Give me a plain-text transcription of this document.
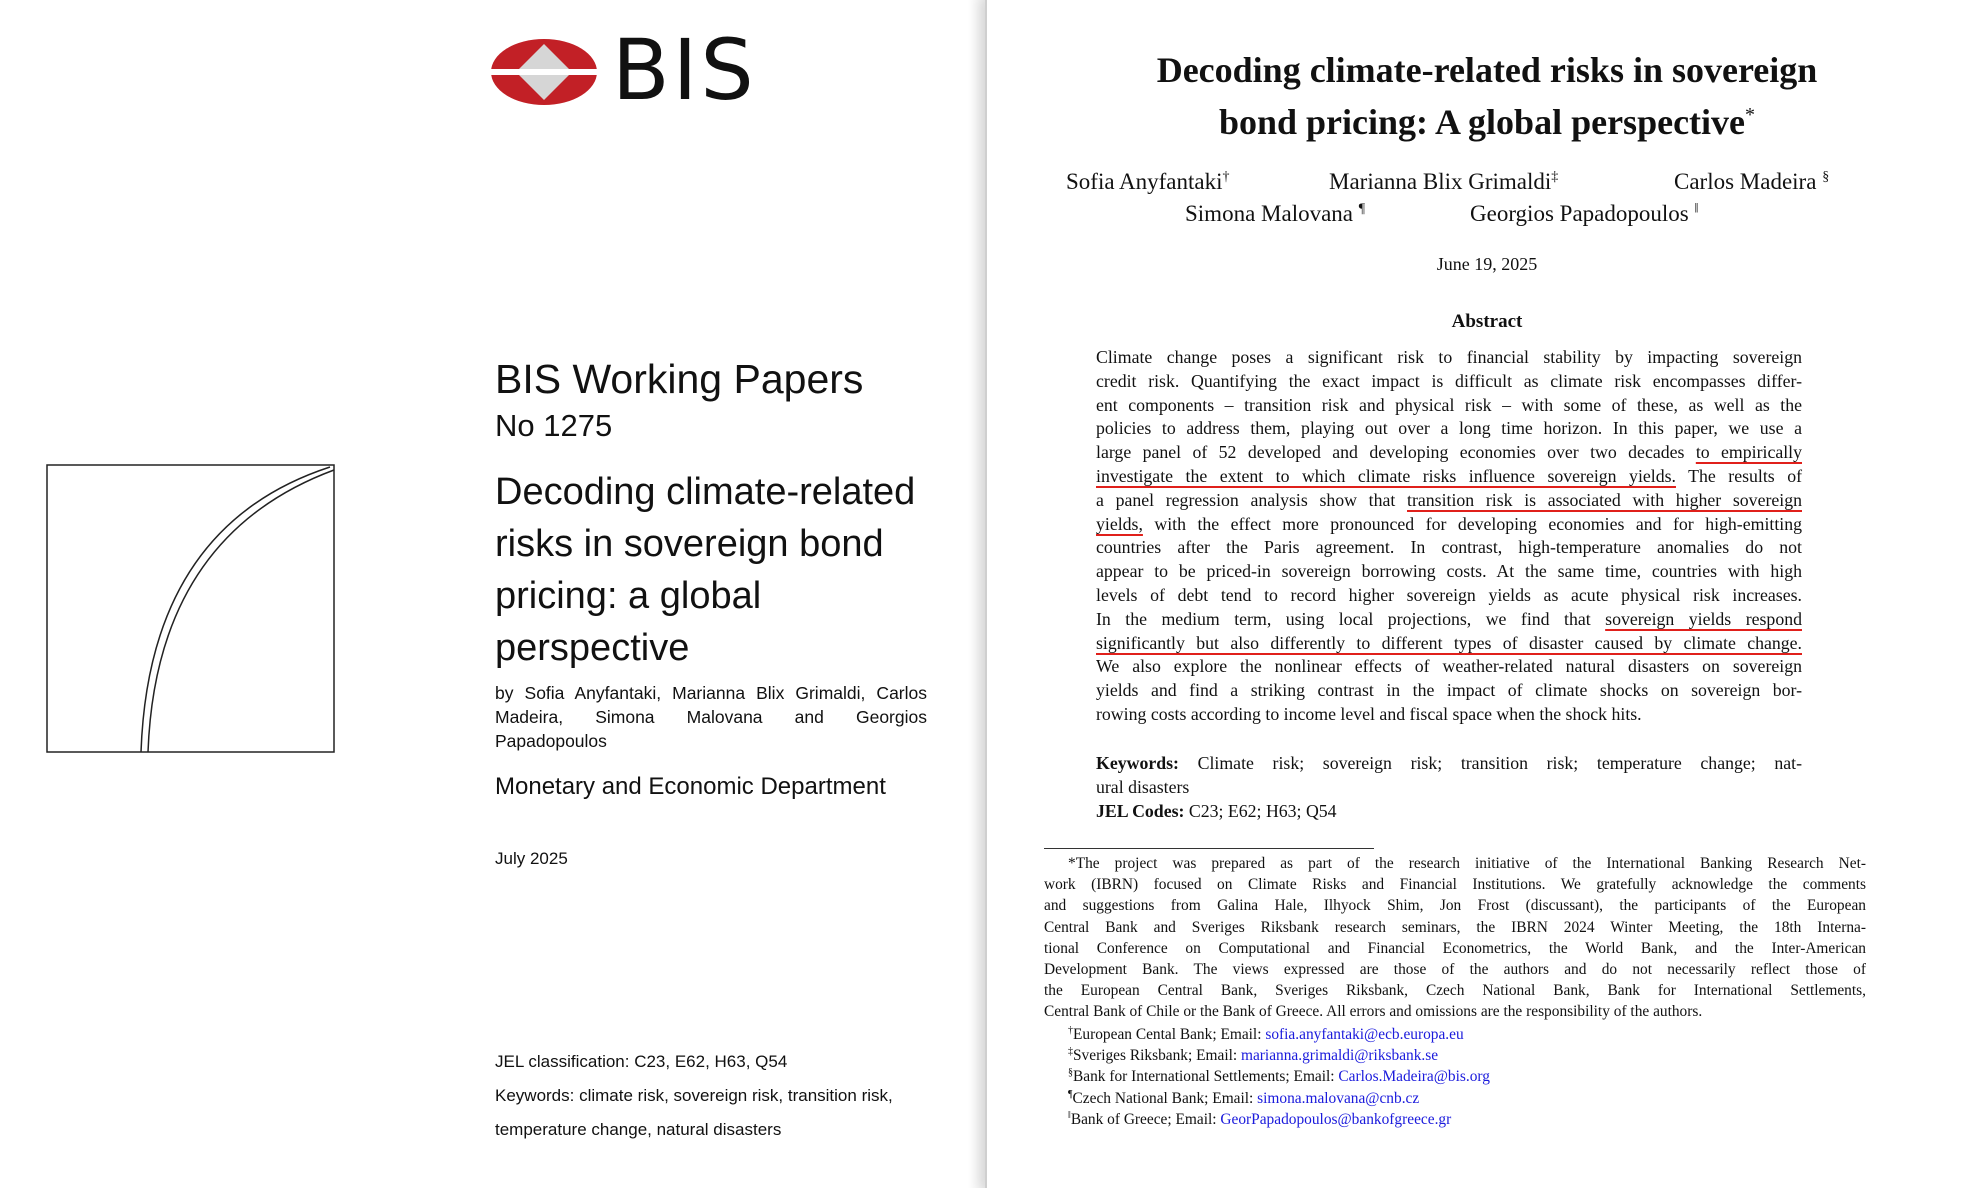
BIS
BIS Working Papers
No 1275
Decoding climate-related risks in sovereign bond pricing: a global perspective
by Sofia Anyfantaki, Marianna Blix Grimaldi, Carlos Madeira, Simona Malovana and Georgios Papadopoulos
Monetary and Economic Department
July 2025
JEL classification: C23, E62, H63, Q54
Keywords: climate risk, sovereign risk, transition risk,
temperature change, natural disasters
Decoding climate-related risks in sovereign
bond pricing: A global perspective*
Sofia Anyfantaki†	Marianna Blix Grimaldi‡	Carlos Madeira §
Simona Malovana ¶	Georgios Papadopoulos ‖
June 19, 2025
Abstract
Climate change poses a significant risk to financial stability by impacting sovereign
credit risk. Quantifying the exact impact is difficult as climate risk encompasses differ-
ent components – transition risk and physical risk – with some of these, as well as the
policies to address them, playing out over a long time horizon. In this paper, we use a
large panel of 52 developed and developing economies over two decades to empirically
investigate the extent to which climate risks influence sovereign yields. The results of
a panel regression analysis show that transition risk is associated with higher sovereign
yields, with the effect more pronounced for developing economies and for high-emitting
countries after the Paris agreement. In contrast, high-temperature anomalies do not
appear to be priced-in sovereign borrowing costs. At the same time, countries with high
levels of debt tend to record higher sovereign yields as acute physical risk increases.
In the medium term, using local projections, we find that sovereign yields respond
significantly but also differently to different types of disaster caused by climate change.
We also explore the nonlinear effects of weather-related natural disasters on sovereign
yields and find a striking contrast in the impact of climate shocks on sovereign bor-
rowing costs according to income level and fiscal space when the shock hits.
Keywords: Climate risk; sovereign risk; transition risk; temperature change; nat-
ural disasters
JEL Codes: C23; E62; H63; Q54
*The project was prepared as part of the research initiative of the International Banking Research Net-
work (IBRN) focused on Climate Risks and Financial Institutions. We gratefully acknowledge the comments
and suggestions from Galina Hale, Ilhyock Shim, Jon Frost (discussant), the participants of the European
Central Bank and Sveriges Riksbank research seminars, the IBRN 2024 Winter Meeting, the 18th Interna-
tional Conference on Computational and Financial Econometrics, the World Bank, and the Inter-American
Development Bank. The views expressed are those of the authors and do not necessarily reflect those of
the European Central Bank, Sveriges Riksbank, Czech National Bank, Bank for International Settlements,
Central Bank of Chile or the Bank of Greece. All errors and omissions are the responsibility of the authors.
†European Cental Bank; Email: sofia.anyfantaki@ecb.europa.eu
‡Sveriges Riksbank; Email: marianna.grimaldi@riksbank.se
§Bank for International Settlements; Email: Carlos.Madeira@bis.org
¶Czech National Bank; Email: simona.malovana@cnb.cz
‖Bank of Greece; Email: GeorPapadopoulos@bankofgreece.gr
